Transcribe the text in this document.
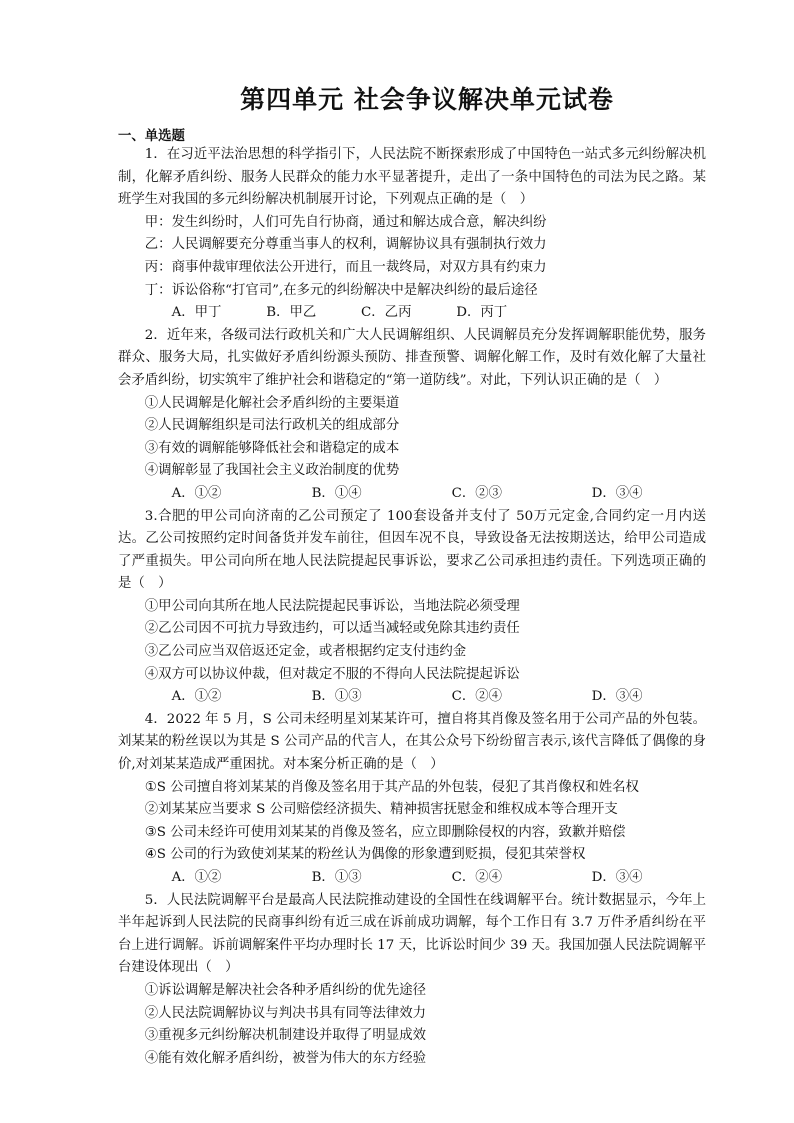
第四单元 社会争议解决单元试卷
一、单选题

1．在习近平法治思想的科学指引下，人民法院不断探索形成了中国特色一站式多元纠纷解决机制，化解矛盾纠纷、服务人民群众的能力水平显著提升，走出了一条中国特色的司法为民之路。某班学生对我国的多元纠纷解决机制展开讨论，下列观点正确的是（　）

甲：发生纠纷时，人们可先自行协商，通过和解达成合意，解决纠纷

乙：人民调解要充分尊重当事人的权利，调解协议具有强制执行效力

丙：商事仲裁审理依法公开进行，而且一裁终局，对双方具有约束力

丁：诉讼俗称“打官司”,在多元的纠纷解决中是解决纠纷的最后途径

A．甲丁	B．甲乙	C．乙丙	D．丙丁

2．近年来，各级司法行政机关和广大人民调解组织、人民调解员充分发挥调解职能优势，服务群众、服务大局，扎实做好矛盾纠纷源头预防、排查预警、调解化解工作，及时有效化解了大量社会矛盾纠纷，切实筑牢了维护社会和谐稳定的“第一道防线”。对此，下列认识正确的是（　）

①人民调解是化解社会矛盾纠纷的主要渠道

②人民调解组织是司法行政机关的组成部分

③有效的调解能够降低社会和谐稳定的成本

④调解彰显了我国社会主义政治制度的优势

A．①②	B．①④	C．②③	D．③④

3.合肥的甲公司向济南的乙公司预定了 100套设备并支付了 50万元定金,合同约定一月内送达。乙公司按照约定时间备货并发车前往，但因车况不良，导致设备无法按期送达，给甲公司造成了严重损失。甲公司向所在地人民法院提起民事诉讼，要求乙公司承担违约责任。下列选项正确的是（　）

①甲公司向其所在地人民法院提起民事诉讼，当地法院必须受理

②乙公司因不可抗力导致违约，可以适当减轻或免除其违约责任

③乙公司应当双倍返还定金，或者根据约定支付违约金

④双方可以协议仲裁，但对裁定不服的不得向人民法院提起诉讼

A．①②	B．①③	C．②④	D．③④

4．2022 年 5 月，S 公司未经明星刘某某许可，擅自将其肖像及签名用于公司产品的外包装。刘某某的粉丝误以为其是 S 公司产品的代言人，在其公众号下纷纷留言表示,该代言降低了偶像的身价,对刘某某造成严重困扰。对本案分析正确的是（　）

①S 公司擅自将刘某某的肖像及签名用于其产品的外包装，侵犯了其肖像权和姓名权

②刘某某应当要求 S 公司赔偿经济损失、精神损害抚慰金和维权成本等合理开支

③S 公司未经许可使用刘某某的肖像及签名，应立即删除侵权的内容，致歉并赔偿

④S 公司的行为致使刘某某的粉丝认为偶像的形象遭到贬损，侵犯其荣誉权

A．①②	B．①③	C．②④	D．③④

5．人民法院调解平台是最高人民法院推动建设的全国性在线调解平台。统计数据显示，今年上半年起诉到人民法院的民商事纠纷有近三成在诉前成功调解，每个工作日有 3.7 万件矛盾纠纷在平台上进行调解。诉前调解案件平均办理时长 17 天，比诉讼时间少 39 天。我国加强人民法院调解平台建设体现出（　）

①诉讼调解是解决社会各种矛盾纠纷的优先途径

②人民法院调解协议与判决书具有同等法律效力

③重视多元纠纷解决机制建设并取得了明显成效

④能有效化解矛盾纠纷，被誉为伟大的东方经验
